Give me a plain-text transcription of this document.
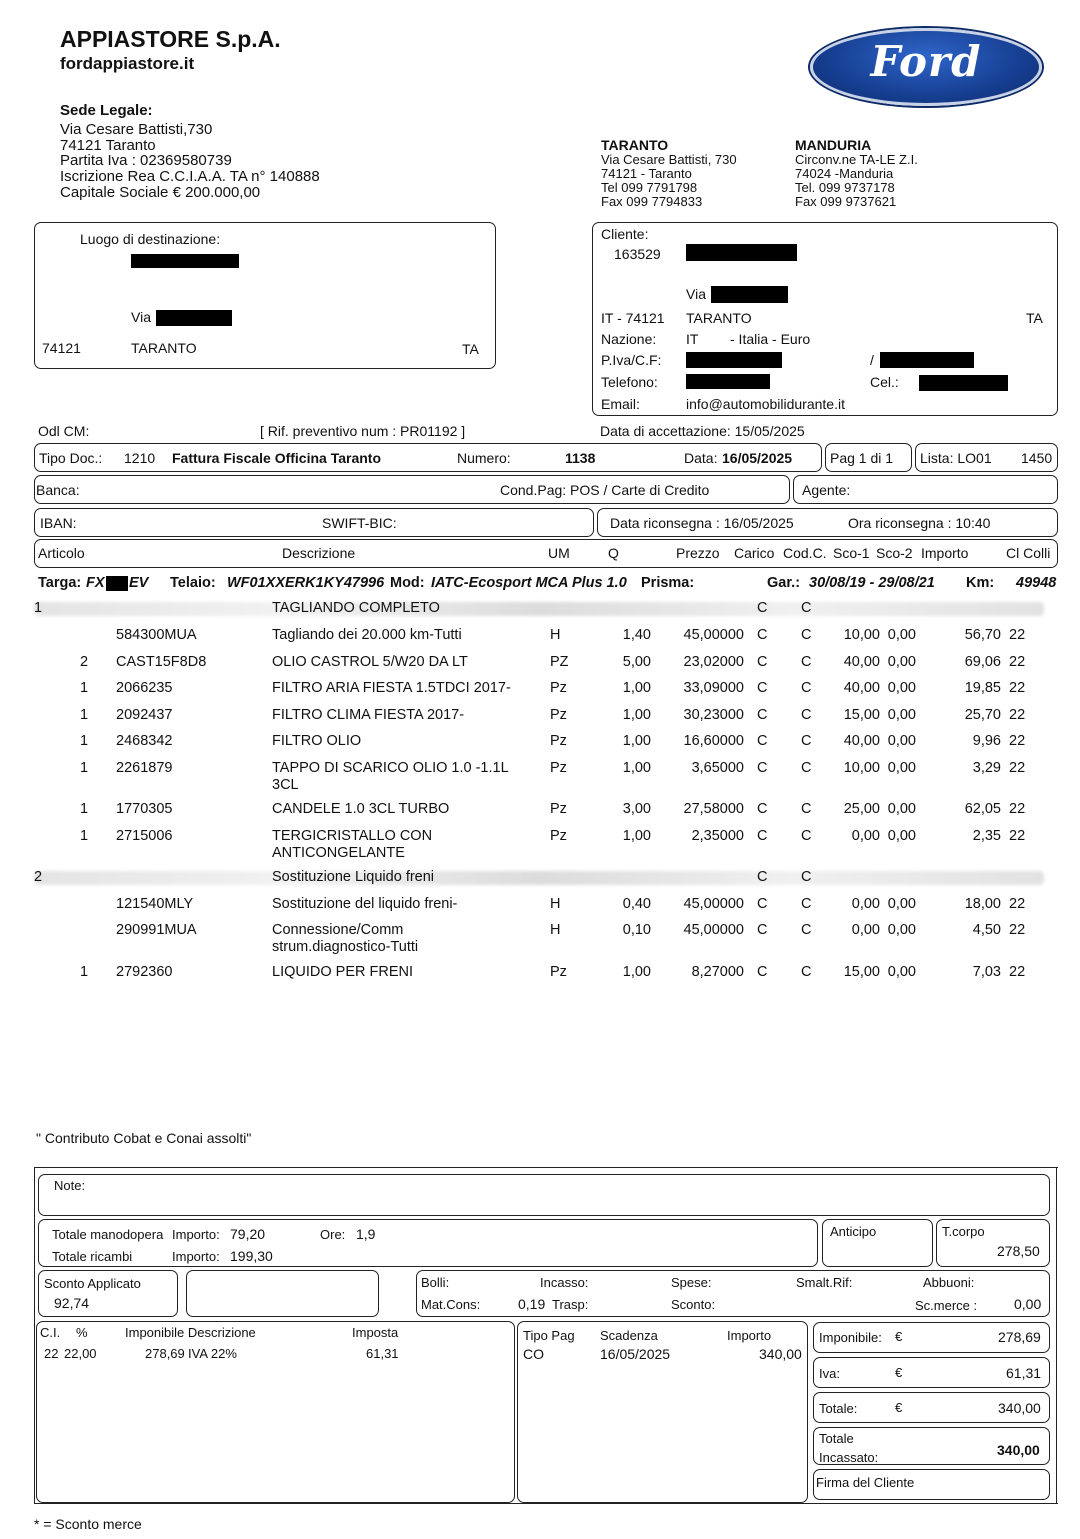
APPIASTORE S.p.A.
fordappiastore.it	Ford
Sede Legale:
Via Cesare Battisti,730
74121 Taranto
Partita Iva : 02369580739
Iscrizione Rea C.C.I.A.A. TA n° 140888
Capitale Sociale € 200.000,00
TARANTO
Via Cesare Battisti, 730
74121 - Taranto
Tel 099 7791798
Fax 099 7794833
MANDURIA
Circonv.ne TA-LE Z.I.
74024 -Manduria
Tel. 099 9737178
Fax 099 9737621
Luogo di destinazione:
Via
74121	TARANTO	TA
Cliente:
163529
Via
IT - 74121 TARANTO	TA
Nazione: IT - Italia - Euro
P.Iva/C.F:	/
Telefono:	Cel.:
Email:	info@automobilidurante.it
Odl CM:	[ Rif. preventivo num : PR01192 ]	Data di accettazione: 15/05/2025
Tipo Doc.: 1210 Fattura Fiscale Officina Taranto	Numero:	1138	Data: 16/05/2025	Pag 1 di 1 Lista: LO01 1450
Banca:	Cond.Pag: POS / Carte di Credito	Agente:
IBAN:	SWIFT-BIC:	Data riconsegna : 16/05/2025	Ora riconsegna : 10:40
Articolo	Descrizione	UM	Q	Prezzo Carico Cod.C. Sco-1 Sco-2 Importo	Cl Colli
Targa: FX EV Telaio: WF01XXERK1KY47996 Mod: IATC-Ecosport MCA Plus 1.0 Prisma:	Gar.: 30/08/19 - 29/08/21 Km: 49948
1	TAGLIANDO COMPLETO	C C
584300MUA	Tagliando dei 20.000 km-Tutti	H	1,40	45,00000 C C	10,00 0,00	56,70 22
2 CAST15F8D8	OLIO CASTROL 5/W20 DA LT	PZ	5,00	23,02000 C C	40,00 0,00	69,06 22
1 2066235	FILTRO ARIA FIESTA 1.5TDCI 2017-	Pz	1,00	33,09000 C C	40,00 0,00	19,85 22
1 2092437	FILTRO CLIMA FIESTA 2017-	Pz	1,00	30,23000 C C	15,00 0,00	25,70 22
1 2468342	FILTRO OLIO	Pz	1,00	16,60000 C C	40,00 0,00	9,96 22
1 2261879	TAPPO DI SCARICO OLIO 1.0 -1.1L	Pz	1,00	3,65000 C C	10,00 0,00	3,29 22
3CL
1 1770305	CANDELE 1.0 3CL TURBO	Pz	3,00	27,58000 C C	25,00 0,00	62,05 22
1 2715006	TERGICRISTALLO CON	Pz	1,00	2,35000 C C	0,00 0,00	2,35 22
ANTICONGELANTE
2	Sostituzione Liquido freni	C C
121540MLY	Sostituzione del liquido freni-	H	0,40	45,00000 C C	0,00 0,00	18,00 22
290991MUA	Connessione/Comm	H	0,10	45,00000 C C	0,00 0,00	4,50 22
strum.diagnostico-Tutti
1 2792360	LIQUIDO PER FRENI	Pz	1,00	8,27000 C C	15,00 0,00	7,03 22
" Contributo Cobat e Conai assolti"
Note:
Totale manodopera Importo: 79,20	Ore: 1,9
Totale ricambi	Importo: 199,30
Anticipo	T.corpo
278,50
Sconto Applicato
92,74
Bolli:	Incasso:	Spese:	Smalt.Rif:	Abbuoni:
Mat.Cons:	0,19 Trasp:	Sconto:	Sc.merce :	0,00
C.I. %	Imponibile Descrizione	Imposta
22 22,00	278,69 IVA 22%	61,31
Tipo Pag Scadenza	Importo
CO	16/05/2025	340,00
Imponibile: €	278,69
Iva:	€	61,31
Totale:	€	340,00
Totale
Incassato:	340,00
Firma del Cliente
* = Sconto merce
